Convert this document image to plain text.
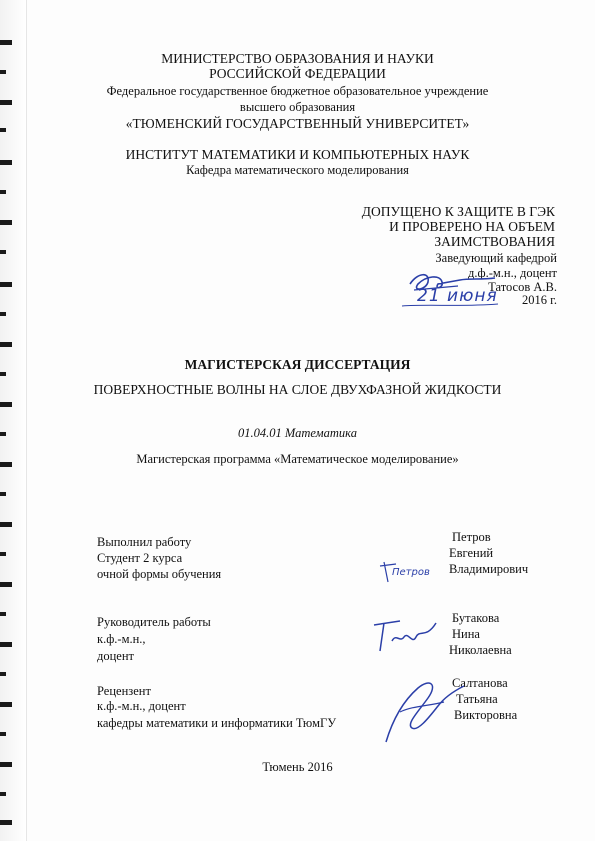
МИНИСТЕРСТВО ОБРАЗОВАНИЯ И НАУКИ
РОССИЙСКОЙ ФЕДЕРАЦИИ
Федеральное государственное бюджетное образовательное учреждение
высшего образования
«ТЮМЕНСКИЙ ГОСУДАРСТВЕННЫЙ УНИВЕРСИТЕТ»
ИНСТИТУТ МАТЕМАТИКИ И КОМПЬЮТЕРНЫХ НАУК
Кафедра математического моделирования
ДОПУЩЕНО К ЗАЩИТЕ В ГЭК
И ПРОВЕРЕНО НА ОБЪЕМ
ЗАИМСТВОВАНИЯ
Заведующий кафедрой
д.ф.-м.н., доцент
Татосов А.В.
2016 г.
21 июня
МАГИСТЕРСКАЯ ДИССЕРТАЦИЯ
ПОВЕРХНОСТНЫЕ ВОЛНЫ НА СЛОЕ ДВУХФАЗНОЙ ЖИДКОСТИ
01.04.01 Математика
Магистерская программа «Математическое моделирование»
Выполнил работу
Студент 2 курса
очной формы обучения
Петров
Евгений
Владимирович
Петров
Руководитель работы
к.ф.-м.н.,
доцент
Бутакова
Нина
Николаевна
Рецензент
к.ф.-м.н., доцент
кафедры математики и информатики ТюмГУ
Салтанова
Татьяна
Викторовна
Тюмень 2016
